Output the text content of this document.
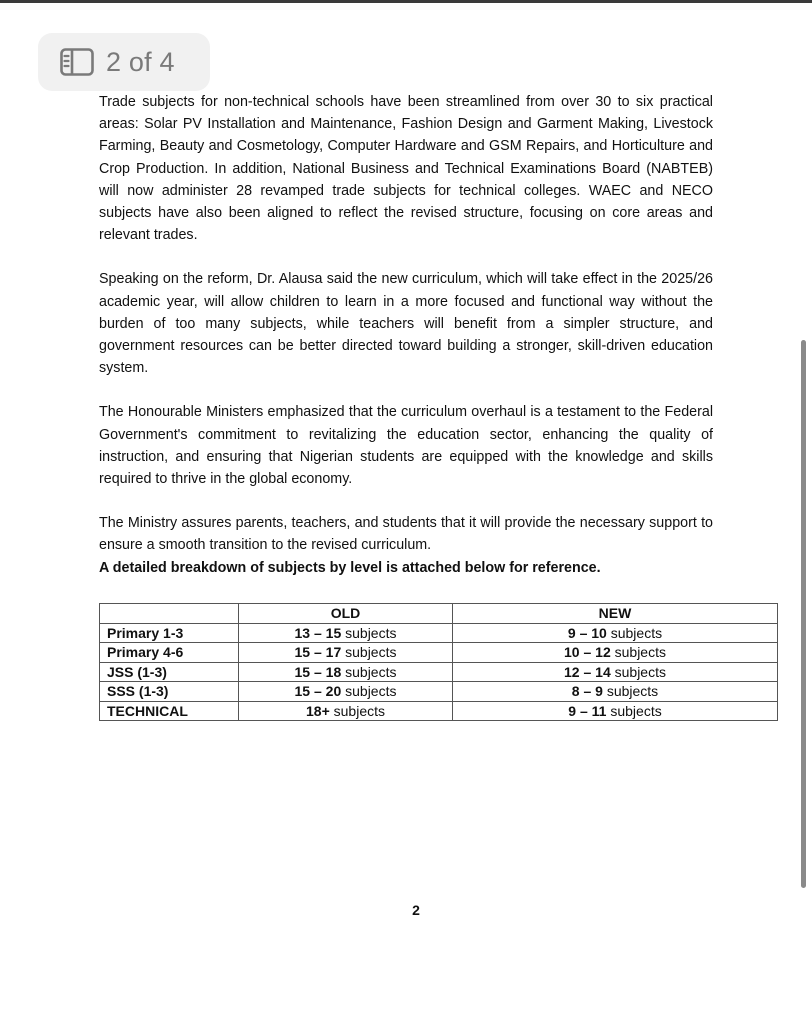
2 of 4

Trade subjects for non-technical schools have been streamlined from over 30 to six practical areas: Solar PV Installation and Maintenance, Fashion Design and Garment Making, Livestock Farming, Beauty and Cosmetology, Computer Hardware and GSM Repairs, and Horticulture and Crop Production. In addition, National Business and Technical Examinations Board (NABTEB) will now administer 28 revamped trade subjects for technical colleges. WAEC and NECO subjects have also been aligned to reflect the revised structure, focusing on core areas and relevant trades.

Speaking on the reform, Dr. Alausa said the new curriculum, which will take effect in the 2025/26 academic year, will allow children to learn in a more focused and functional way without the burden of too many subjects, while teachers will benefit from a simpler structure, and government resources can be better directed toward building a stronger, skill-driven education system.

The Honourable Ministers emphasized that the curriculum overhaul is a testament to the Federal Government's commitment to revitalizing the education sector, enhancing the quality of instruction, and ensuring that Nigerian students are equipped with the knowledge and skills required to thrive in the global economy.

The Ministry assures parents, teachers, and students that it will provide the necessary support to ensure a smooth transition to the revised curriculum.

A detailed breakdown of subjects by level is attached below for reference.

	OLD	NEW
Primary 1-3	13 – 15 subjects	9 – 10 subjects
Primary 4-6	15 – 17 subjects	10 – 12 subjects
JSS (1-3)	15 – 18 subjects	12 – 14 subjects
SSS (1-3)	15 – 20 subjects	8 – 9 subjects
TECHNICAL	18+ subjects	9 – 11 subjects
2
